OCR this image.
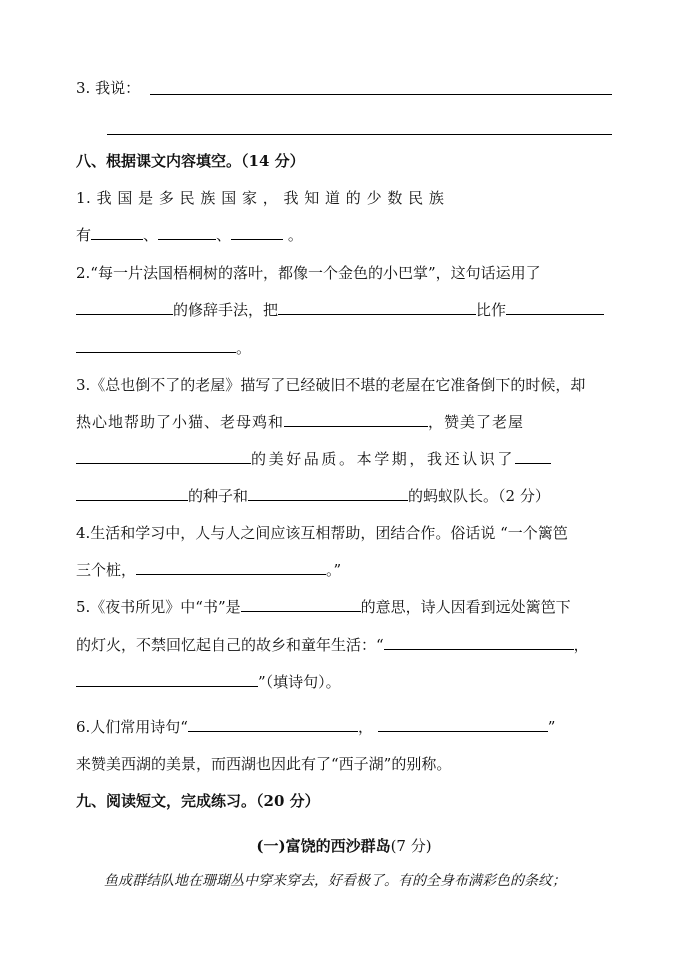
3. 我说：
八、根据课文内容填空。（14 分）
1. 我 国 是 多 民 族 国 家 ， 我 知 道 的 少 数 民 族
有	、	、	。
2.“每一片法国梧桐树的落叶，都像一个金色的小巴掌”，这句话运用了
的修辞手法，把	比作
。
3.《总也倒不了的老屋》描写了已经破旧不堪的老屋在它准备倒下的时候，却
热心地帮助了小猫、老母鸡和	，赞美了老屋
的美好品质。本学期，我还认识了
的种子和	的蚂蚁队长。（2 分）
4.生活和学习中，人与人之间应该互相帮助，团结合作。俗话说 “一个篱笆
三个桩，	。”
5.《夜书所见》中“书”是	的意思，诗人因看到远处篱笆下
的灯火，不禁回忆起自己的故乡和童年生活：“	，
”（填诗句）。
6.人们常用诗句“	，	”
来赞美西湖的美景，而西湖也因此有了“西子湖”的别称。
九、阅读短文，完成练习。（20 分）
(一)富饶的西沙群岛(7 分)
鱼成群结队地在珊瑚丛中穿来穿去，好看极了。有的全身布满彩色的条纹；
